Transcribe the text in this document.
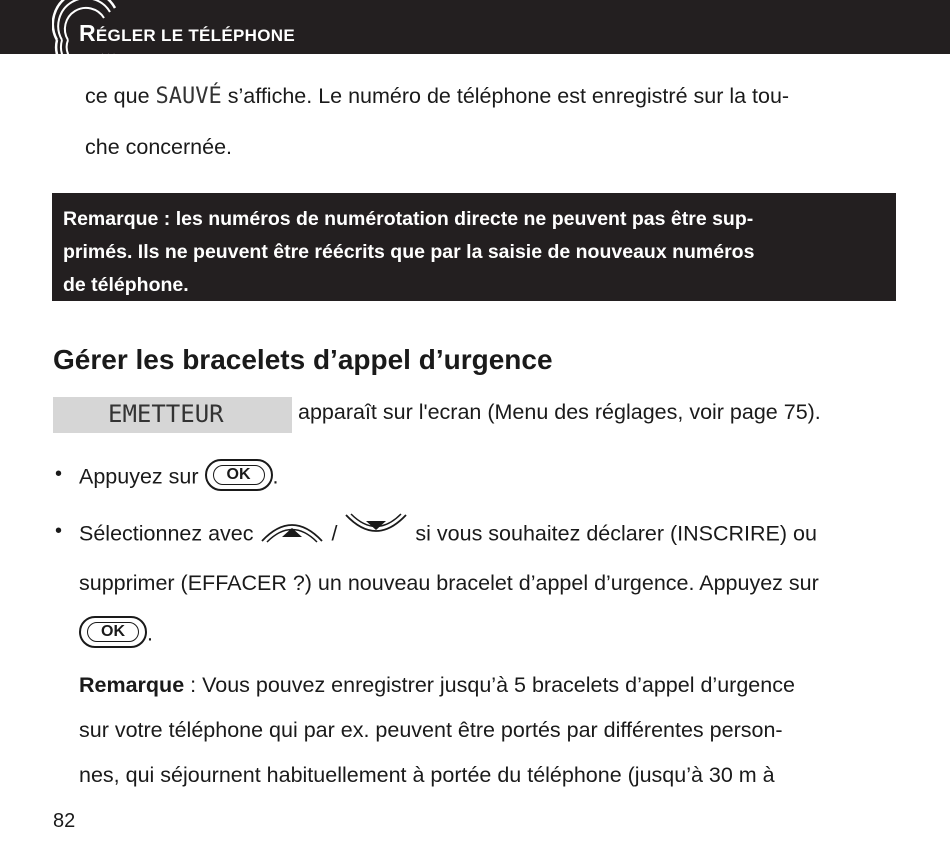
RÉGLER LE TÉLÉPHONE
ce que SAUVÉ s’affiche. Le numéro de téléphone est enregistré sur la tou-
che concernée.
Remarque : les numéros de numérotation directe ne peuvent pas être sup-
primés. Ils ne peuvent être réécrits que par la saisie de nouveaux numéros
de téléphone.
Gérer les bracelets d’appel d’urgence
EMETTEUR	apparaît sur l'ecran (Menu des réglages, voir page 75).
• Appuyez sur	OK	.
• Sélectionnez avec	/	si vous souhaitez déclarer (INSCRIRE) ou
supprimer (EFFACER ?) un nouveau bracelet d’appel d’urgence. Appuyez sur
OK	.
Remarque : Vous pouvez enregistrer jusqu’à 5 bracelets d’appel d’urgence
sur votre téléphone qui par ex. peuvent être portés par différentes person-
nes, qui séjournent habituellement à portée du téléphone (jusqu’à 30 m à
82
